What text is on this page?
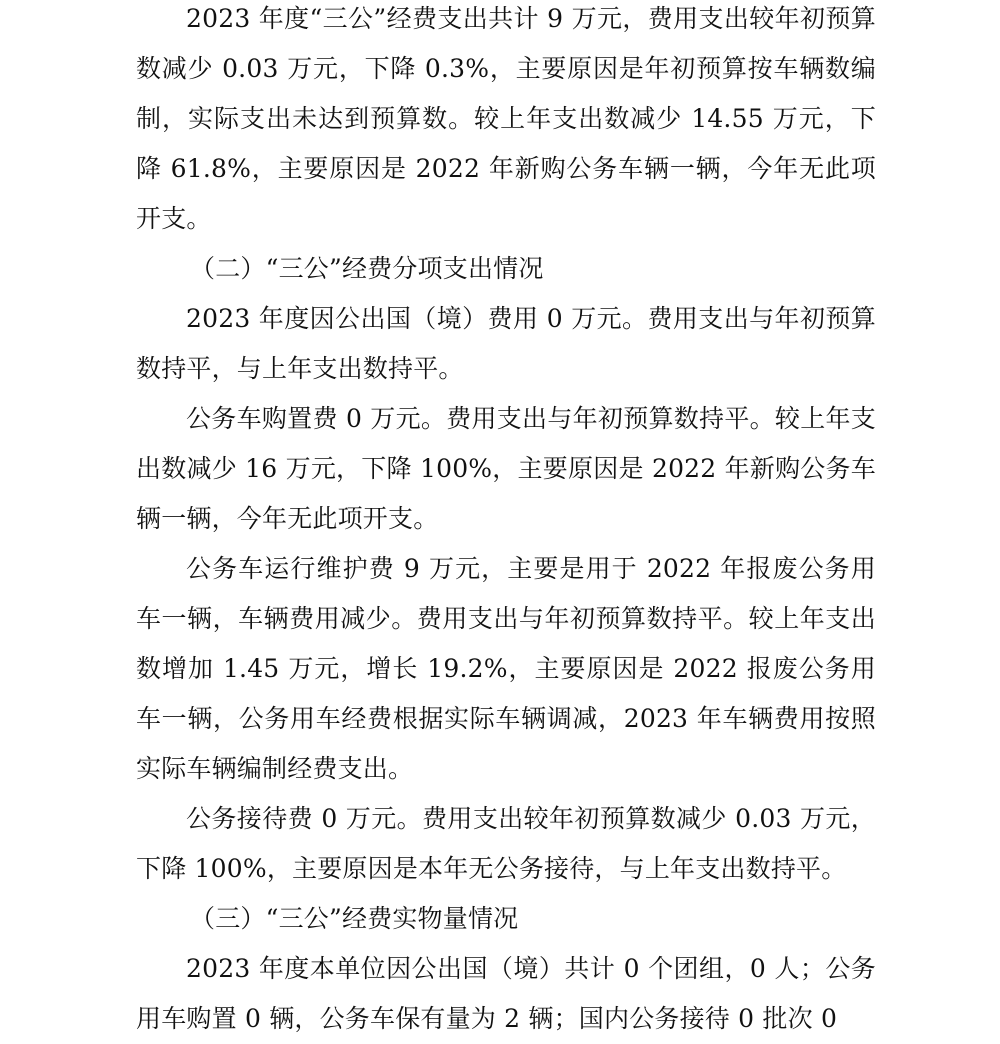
2023 年度“三公”经费支出共计 9 万元，费用支出较年初预算数减少 0.03 万元，下降 0.3%，主要原因是年初预算按车辆数编制，实际支出未达到预算数。较上年支出数减少 14.55 万元，下降 61.8%，主要原因是 2022 年新购公务车辆一辆，今年无此项开支。

（二）“三公”经费分项支出情况

2023 年度因公出国（境）费用 0 万元。费用支出与年初预算数持平，与上年支出数持平。

公务车购置费 0 万元。费用支出与年初预算数持平。较上年支出数减少 16 万元，下降 100%，主要原因是 2022 年新购公务车辆一辆，今年无此项开支。

公务车运行维护费 9 万元，主要是用于 2022 年报废公务用车一辆，车辆费用减少。费用支出与年初预算数持平。较上年支出数增加 1.45 万元，增长 19.2%，主要原因是 2022 报废公务用车一辆，公务用车经费根据实际车辆调减，2023 年车辆费用按照实际车辆编制经费支出。

公务接待费 0 万元。费用支出较年初预算数减少 0.03 万元，下降 100%，主要原因是本年无公务接待，与上年支出数持平。

（三）“三公”经费实物量情况

2023 年度本单位因公出国（境）共计 0 个团组，0 人；公务用车购置 0 辆，公务车保有量为 2 辆；国内公务接待 0 批次 0
